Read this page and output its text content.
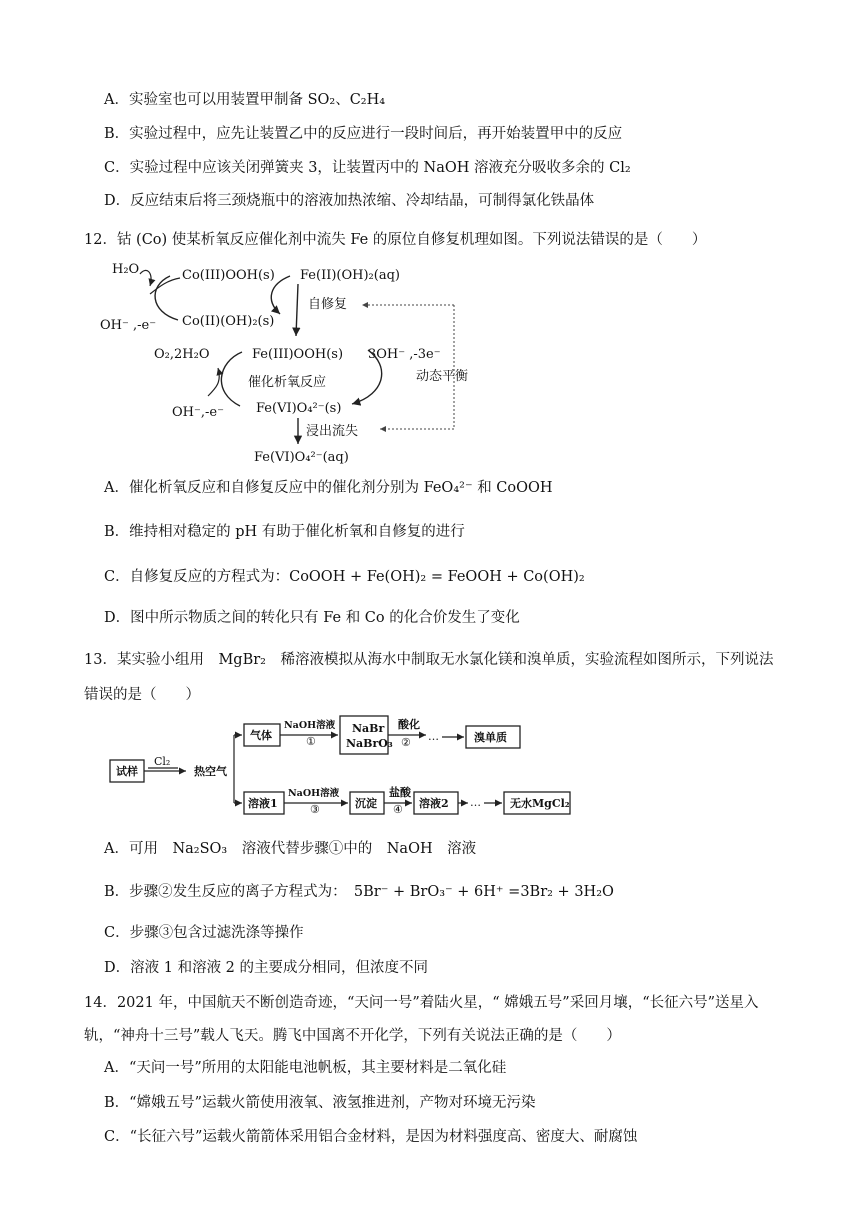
A．实验室也可以用装置甲制备 SO₂、C₂H₄
B．实验过程中，应先让装置乙中的反应进行一段时间后，再开始装置甲中的反应
C．实验过程中应该关闭弹簧夹 3，让装置丙中的 NaOH 溶液充分吸收多余的 Cl₂
D．反应结束后将三颈烧瓶中的溶液加热浓缩、冷却结晶，可制得氯化铁晶体
12．钴 (Co) 使某析氧反应催化剂中流失 Fe 的原位自修复机理如图。下列说法错误的是（　　）
H₂O	Co(III)OOH(s) Fe(II)(OH)₂(aq)
OH⁻ ,-e⁻ Co(II)(OH)₂(s)
自修复
O₂,2H₂O	Fe(III)OOH(s) 3OH⁻ ,-3e⁻
催化析氧反应	动态平衡
OH⁻,-e⁻ Fe(VI)O₄²⁻(s)
浸出流失
Fe(VI)O₄²⁻(aq)
A．催化析氧反应和自修复反应中的催化剂分别为 FeO₄²⁻ 和 CoOOH
B．维持相对稳定的 pH 有助于催化析氧和自修复的进行
C．自修复反应的方程式为：CoOOH + Fe(OH)₂ = FeOOH + Co(OH)₂
D．图中所示物质之间的转化只有 Fe 和 Co 的化合价发生了变化
13．某实验小组用　MgBr₂　稀溶液模拟从海水中制取无水氯化镁和溴单质，实验流程如图所示，下列说法
错误的是（　　）
试样
Cl₂
热空气
气体
NaOH溶液
①
NaBr
NaBrO₃
酸化
② …	溴单质
溶液1
NaOH溶液
③	沉淀
盐酸
④ 溶液2 …	无水MgCl₂
A．可用　Na₂SO₃　溶液代替步骤①中的　NaOH　溶液
B．步骤②发生反应的离子方程式为：　5Br⁻ + BrO₃⁻ + 6H⁺ =3Br₂ + 3H₂O
C．步骤③包含过滤洗涤等操作
D．溶液 1 和溶液 2 的主要成分相同，但浓度不同
14．2021 年，中国航天不断创造奇迹，“天问一号”着陆火星，“ 嫦娥五号”采回月壤，“长征六号”送星入
轨，“神舟十三号”载人飞天。腾飞中国离不开化学，下列有关说法正确的是（　　）
A．“天问一号”所用的太阳能电池帆板，其主要材料是二氧化硅
B．“嫦娥五号”运载火箭使用液氧、液氢推进剂，产物对环境无污染
C．“长征六号”运载火箭箭体采用铝合金材料，是因为材料强度高、密度大、耐腐蚀
